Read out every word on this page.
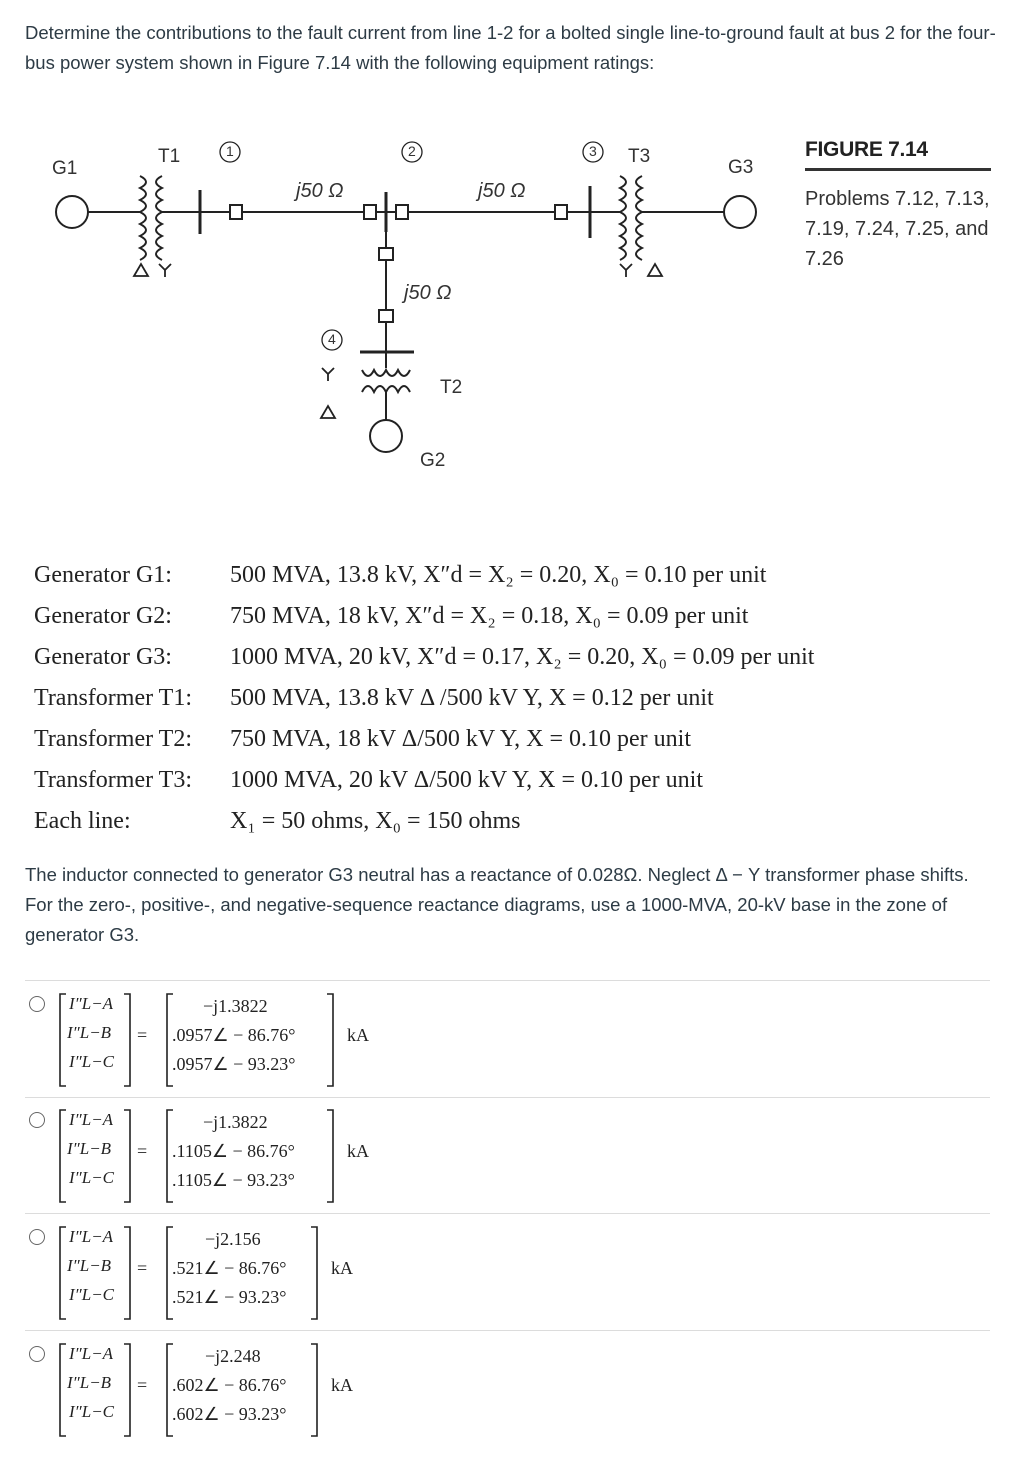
Determine the contributions to the fault current from line 1-2 for a bolted single line-to-ground fault at bus 2 for the four-bus power system shown in Figure 7.14 with the following equipment ratings:
G1
T1	1	2	3 T3
G3
j50 Ω	j50 Ω
j50 Ω
4
T2
G2
FIGURE 7.14
Problems 7.12, 7.13, 7.19, 7.24, 7.25, and 7.26
Generator G1: 500 MVA, 13.8 kV, X″d = X₂ = 0.20, X₀ = 0.10 per unit
Generator G2: 750 MVA, 18 kV, X″d = X₂ = 0.18, X₀ = 0.09 per unit
Generator G3: 1000 MVA, 20 kV, X″d = 0.17, X₂ = 0.20, X₀ = 0.09 per unit
Transformer T1: 500 MVA, 13.8 kV Δ /500 kV Y, X = 0.12 per unit
Transformer T2: 750 MVA, 18 kV Δ/500 kV Y, X = 0.10 per unit
Transformer T3: 1000 MVA, 20 kV Δ/500 kV Y, X = 0.10 per unit
Each line:	X₁ = 50 ohms, X₀ = 150 ohms
The inductor connected to generator G3 neutral has a reactance of 0.028Ω. Neglect Δ − Y transformer phase shifts. For the zero-, positive-, and negative-sequence reactance diagrams, use a 1000-MVA, 20-kV base in the zone of generator G3.
I″L−A
I″L−B
I″L−C
=
−j1.3822
.0957∠ − 86.76°
.0957∠ − 93.23°
kA
I″L−A
I″L−B
I″L−C
=
−j1.3822
.1105∠ − 86.76°
.1105∠ − 93.23°
kA
I″L−A
I″L−B
I″L−C
=
−j2.156
.521∠ − 86.76°
.521∠ − 93.23°
kA
I″L−A
I″L−B
I″L−C
=
−j2.248
.602∠ − 86.76°
.602∠ − 93.23°
kA
